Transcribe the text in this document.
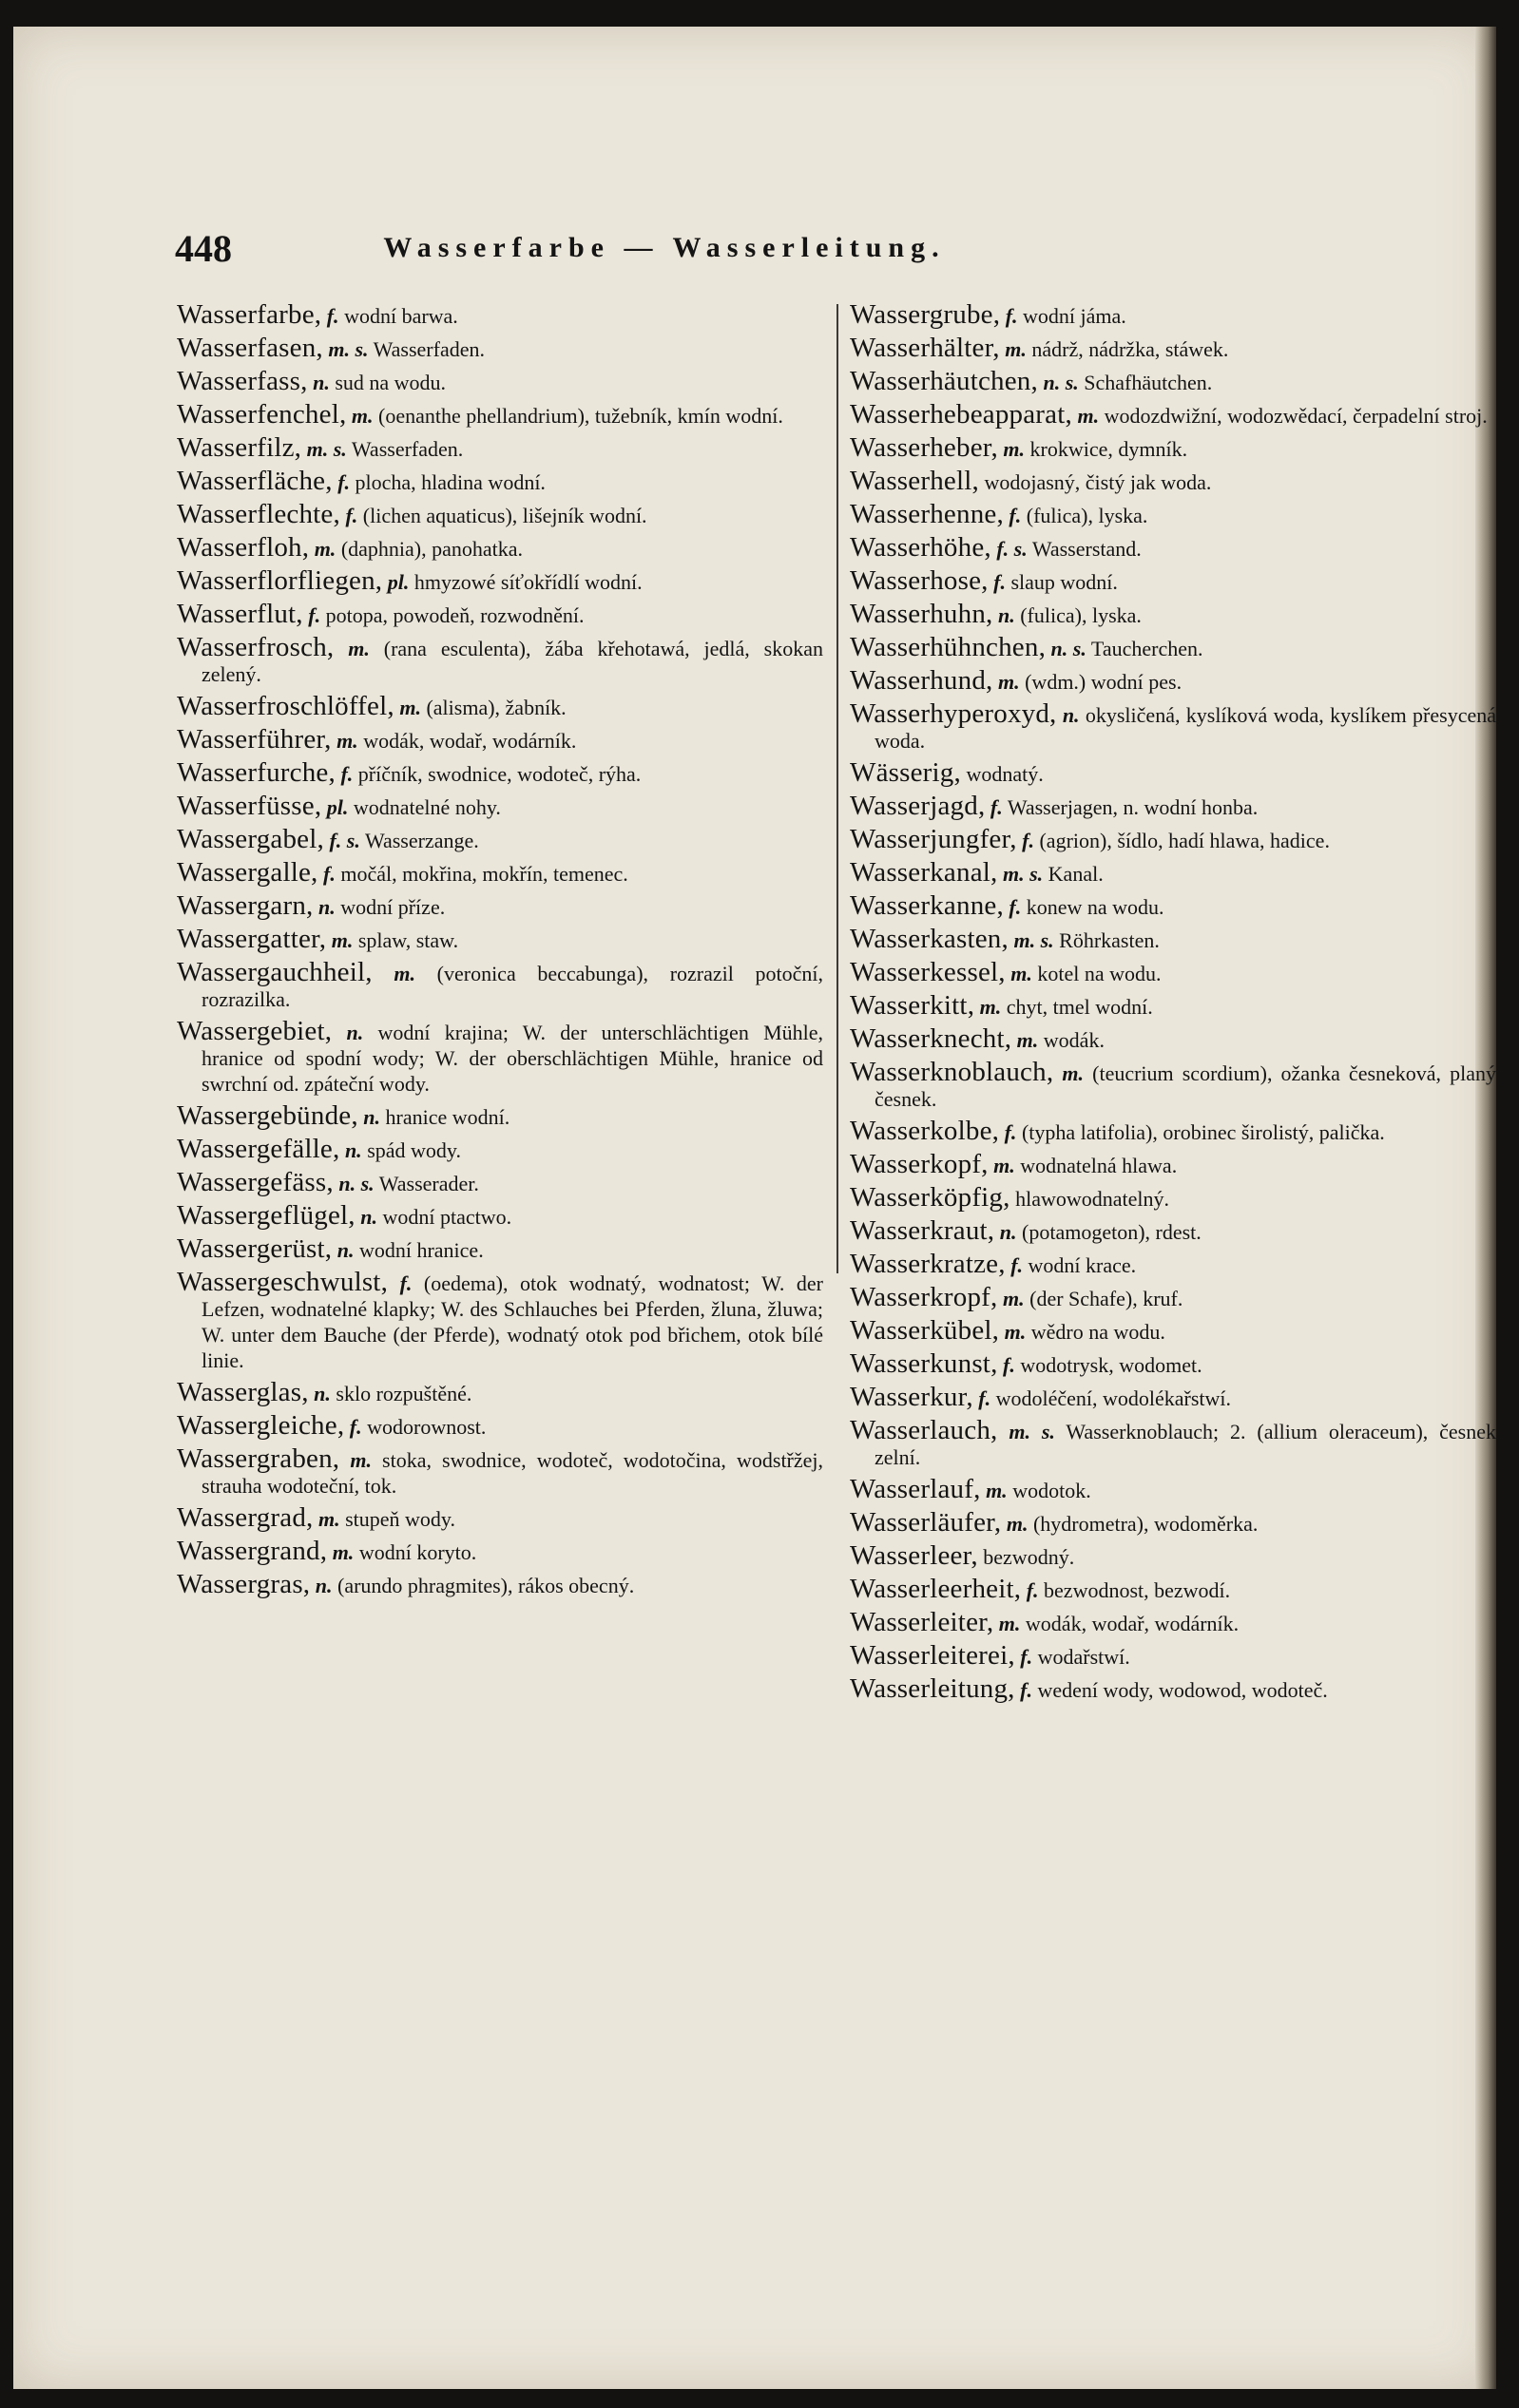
448	Wasserfarbe — Wasserleitung.

Wasserfarbe, f. wodní barwa.

Wasserfasen, m. s. Wasserfaden.

Wasserfass, n. sud na wodu.

Wasserfenchel, m. (oenanthe phellandrium), tužebník, kmín wodní.

Wasserfilz, m. s. Wasserfaden.

Wasserfläche, f. plocha, hladina wodní.

Wasserflechte, f. (lichen aquaticus), lišejník wodní.

Wasserfloh, m. (daphnia), panohatka.

Wasserflorfliegen, pl. hmyzowé síťokřídlí wodní.

Wasserflut, f. potopa, powodeň, rozwodnění.

Wasserfrosch, m. (rana esculenta), žába křehotawá, jedlá, skokan zelený.

Wasserfroschlöffel, m. (alisma), žabník.

Wasserführer, m. wodák, wodař, wodárník.

Wasserfurche, f. příčník, swodnice, wodoteč, rýha.

Wasserfüsse, pl. wodnatelné nohy.

Wassergabel, f. s. Wasserzange.

Wassergalle, f. močál, mokřina, mokřín, temenec.

Wassergarn, n. wodní příze.

Wassergatter, m. splaw, staw.

Wassergauchheil, m. (veronica beccabunga), rozrazil potoční, rozrazilka.

Wassergebiet, n. wodní krajina; W. der unterschlächtigen Mühle, hranice od spodní wody; W. der oberschlächtigen Mühle, hranice od swrchní od. zpáteční wody.

Wassergebünde, n. hranice wodní.

Wassergefälle, n. spád wody.

Wassergefäss, n. s. Wasserader.

Wassergeflügel, n. wodní ptactwo.

Wassergerüst, n. wodní hranice.

Wassergeschwulst, f. (oedema), otok wodnatý, wodnatost; W. der Lefzen, wodnatelné klapky; W. des Schlauches bei Pferden, žluna, žluwa; W. unter dem Bauche (der Pferde), wodnatý otok pod břichem, otok bílé linie.

Wasserglas, n. sklo rozpuštěné.

Wassergleiche, f. wodorownost.

Wassergraben, m. stoka, swodnice, wodoteč, wodotočina, wodstřžej, strauha wodoteční, tok.

Wassergrad, m. stupeň wody.

Wassergrand, m. wodní koryto.

Wassergras, n. (arundo phragmites), rákos obecný.

Wassergrube, f. wodní jáma.

Wasserhälter, m. nádrž, nádržka, stáwek.

Wasserhäutchen, n. s. Schafhäutchen.

Wasserhebeapparat, m. wodozdwižní, wodozwědací, čerpadelní stroj.

Wasserheber, m. krokwice, dymník.

Wasserhell, wodojasný, čistý jak woda.

Wasserhenne, f. (fulica), lyska.

Wasserhöhe, f. s. Wasserstand.

Wasserhose, f. slaup wodní.

Wasserhuhn, n. (fulica), lyska.

Wasserhühnchen, n. s. Taucherchen.

Wasserhund, m. (wdm.) wodní pes.

Wasserhyperoxyd, n. okysličená, kyslíková woda, kyslíkem přesycená woda.

Wässerig, wodnatý.

Wasserjagd, f. Wasserjagen, n. wodní honba.

Wasserjungfer, f. (agrion), šídlo, hadí hlawa, hadice.

Wasserkanal, m. s. Kanal.

Wasserkanne, f. konew na wodu.

Wasserkasten, m. s. Röhrkasten.

Wasserkessel, m. kotel na wodu.

Wasserkitt, m. chyt, tmel wodní.

Wasserknecht, m. wodák.

Wasserknoblauch, m. (teucrium scordium), ožanka česneková, planý česnek.

Wasserkolbe, f. (typha latifolia), orobinec širolistý, palička.

Wasserkopf, m. wodnatelná hlawa.

Wasserköpfig, hlawowodnatelný.

Wasserkraut, n. (potamogeton), rdest.

Wasserkratze, f. wodní krace.

Wasserkropf, m. (der Schafe), kruf.

Wasserkübel, m. wědro na wodu.

Wasserkunst, f. wodotrysk, wodomet.

Wasserkur, f. wodoléčení, wodolékařstwí.

Wasserlauch, m. s. Wasserknoblauch; 2. (allium oleraceum), česnek zelní.

Wasserlauf, m. wodotok.

Wasserläufer, m. (hydrometra), wodoměrka.

Wasserleer, bezwodný.

Wasserleerheit, f. bezwodnost, bezwodí.

Wasserleiter, m. wodák, wodař, wodárník.

Wasserleiterei, f. wodařstwí.

Wasserleitung, f. wedení wody, wodowod, wodoteč.
